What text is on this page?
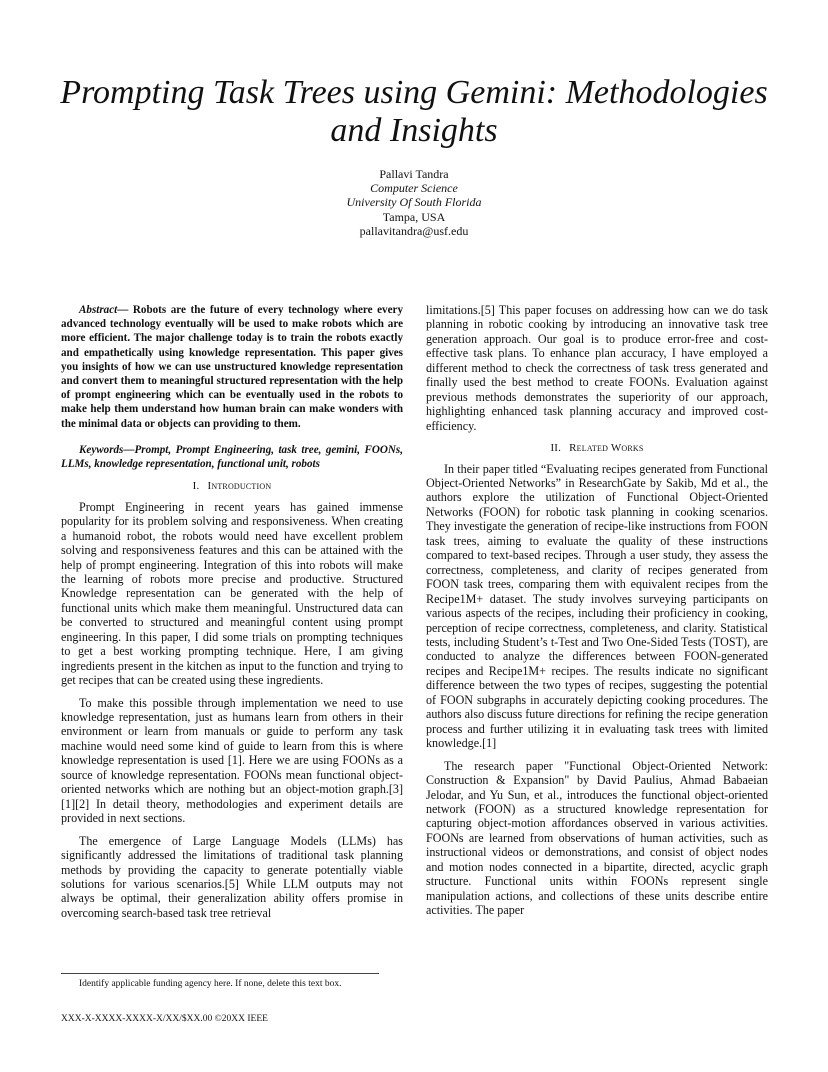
Prompting Task Trees using Gemini: Methodologies and Insights
Pallavi Tandra
Computer Science
University Of South Florida
Tampa, USA
pallavitandra@usf.edu

Abstract— Robots are the future of every technology where every advanced technology eventually will be used to make robots which are more efficient. The major challenge today is to train the robots exactly and empathetically using knowledge representation. This paper gives you insights of how we can use unstructured knowledge representation and convert them to meaningful structured representation with the help of prompt engineering which can be eventually used in the robots to make help them understand how human brain can make wonders with the minimal data or objects can providing to them.

Keywords—Prompt, Prompt Engineering, task tree, gemini, FOONs, LLMs, knowledge representation, functional unit, robots

I. Introduction

Prompt Engineering in recent years has gained immense popularity for its problem solving and responsiveness. When creating a humanoid robot, the robots would need have excellent problem solving and responsiveness features and this can be attained with the help of prompt engineering. Integration of this into robots will make the learning of robots more precise and productive. Structured Knowledge representation can be generated with the help of functional units which make them meaningful. Unstructured data can be converted to structured and meaningful content using prompt engineering. In this paper, I did some trials on prompting techniques to get a best working prompting technique. Here, I am giving ingredients present in the kitchen as input to the function and trying to get recipes that can be created using these ingredients.

To make this possible through implementation we need to use knowledge representation, just as humans learn from others in their environment or learn from manuals or guide to perform any task machine would need some kind of guide to learn from this is where knowledge representation is used [1]. Here we are using FOONs as a source of knowledge representation. FOONs mean functional object-oriented networks which are nothing but an object-motion graph.[3][1][2] In detail theory, methodologies and experiment details are provided in next sections.

The emergence of Large Language Models (LLMs) has significantly addressed the limitations of traditional task planning methods by providing the capacity to generate potentially viable solutions for various scenarios.[5] While LLM outputs may not always be optimal, their generalization ability offers promise in overcoming search-based task tree retrieval

limitations.[5] This paper focuses on addressing how can we do task planning in robotic cooking by introducing an innovative task tree generation approach. Our goal is to produce error-free and cost-effective task plans. To enhance plan accuracy, I have employed a different method to check the correctness of task tress generated and finally used the best method to create FOONs. Evaluation against previous methods demonstrates the superiority of our approach, highlighting enhanced task planning accuracy and improved cost-efficiency.

II. Related Works

In their paper titled “Evaluating recipes generated from Functional Object-Oriented Networks” in ResearchGate by Sakib, Md et al., the authors explore the utilization of Functional Object-Oriented Networks (FOON) for robotic task planning in cooking scenarios. They investigate the generation of recipe-like instructions from FOON task trees, aiming to evaluate the quality of these instructions compared to text-based recipes. Through a user study, they assess the correctness, completeness, and clarity of recipes generated from FOON task trees, comparing them with equivalent recipes from the Recipe1M+ dataset. The study involves surveying participants on various aspects of the recipes, including their proficiency in cooking, perception of recipe correctness, completeness, and clarity. Statistical tests, including Student’s t-Test and Two One-Sided Tests (TOST), are conducted to analyze the differences between FOON-generated recipes and Recipe1M+ recipes. The results indicate no significant difference between the two types of recipes, suggesting the potential of FOON subgraphs in accurately depicting cooking procedures. The authors also discuss future directions for refining the recipe generation process and further utilizing it in evaluating task trees with limited knowledge.[1]

The research paper "Functional Object-Oriented Network: Construction & Expansion" by David Paulius, Ahmad Babaeian Jelodar, and Yu Sun, et al., introduces the functional object-oriented network (FOON) as a structured knowledge representation for capturing object-motion affordances observed in various activities. FOONs are learned from observations of human activities, such as instructional videos or demonstrations, and consist of object nodes and motion nodes connected in a bipartite, directed, acyclic graph structure. Functional units within FOONs represent single manipulation actions, and collections of these units describe entire activities. The paper

Identify applicable funding agency here. If none, delete this text box.
XXX-X-XXXX-XXXX-X/XX/$XX.00 ©20XX IEEE
